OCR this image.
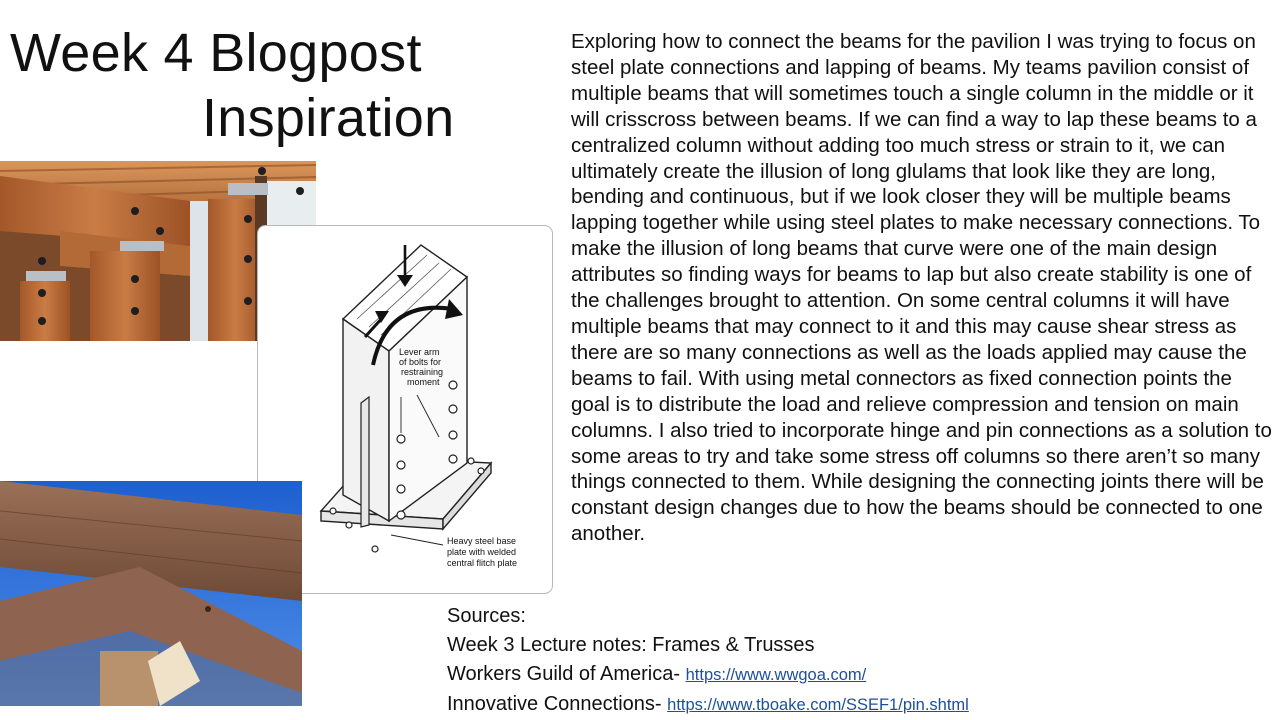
Week 4 Blogpost
Inspiration
Lever arm of bolts for restraining moment
Heavy steel base plate with welded central flitch plate
Exploring how to connect the beams for the pavilion I was trying to focus on steel plate connections and lapping of beams. My teams pavilion consist of multiple beams that will sometimes touch a single column in the middle or it will crisscross between beams. If we can find a way to lap these beams to a centralized column without adding too much stress or strain to it, we can ultimately create the illusion of long glulams that look like they are long, bending and continuous, but if we look closer they will be multiple beams lapping together while using steel plates to make necessary connections. To make the illusion of long beams that curve were one of the main design attributes so finding ways for beams to lap but also create stability is one of the challenges brought to attention. On some central columns it will have multiple beams that may connect to it and this may cause shear stress as there are so many connections as well as the loads applied may cause the beams to fail. With using metal connectors as fixed connection points the goal is to distribute the load and relieve compression and tension on main columns. I also tried to incorporate hinge and pin connections as a solution to some areas to try and take some stress off columns so there aren’t so many things connected to them. While designing the connecting joints there will be constant design changes due to how the beams should be connected to one another.
Sources:
Week 3 Lecture notes: Frames & Trusses
Workers Guild of America- https://www.wwgoa.com/
Innovative Connections- https://www.tboake.com/SSEF1/pin.shtml
